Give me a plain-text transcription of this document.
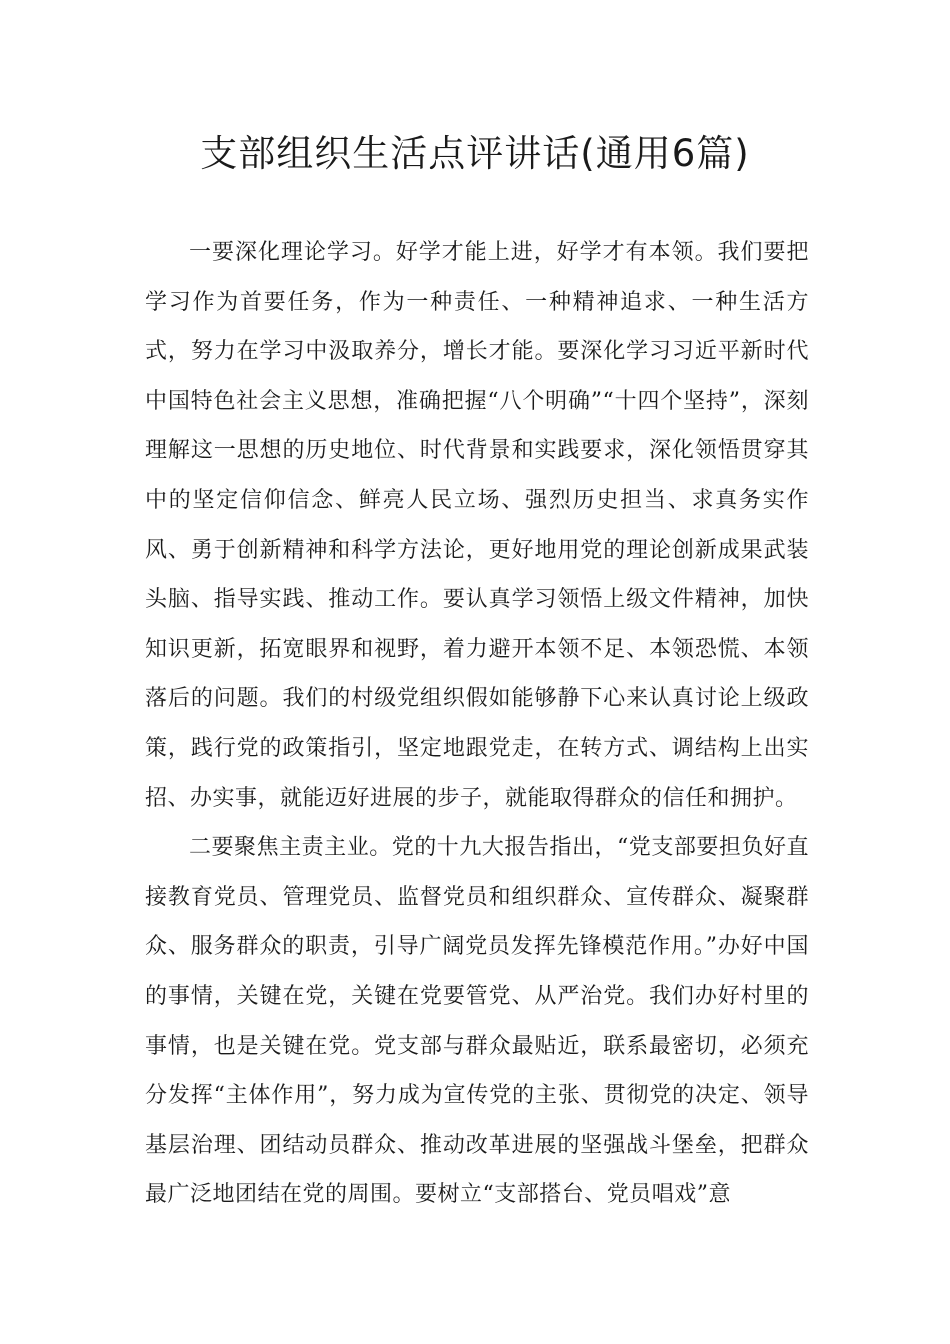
支部组织生活点评讲话(通用6篇)

一要深化理论学习。好学才能上进，好学才有本领。我们要把学习作为首要任务，作为一种责任、一种精神追求、一种生活方式，努力在学习中汲取养分，增长才能。要深化学习习近平新时代中国特色社会主义思想，准确把握“八个明确”“十四个坚持”，深刻理解这一思想的历史地位、时代背景和实践要求，深化领悟贯穿其中的坚定信仰信念、鲜亮人民立场、强烈历史担当、求真务实作风、勇于创新精神和科学方法论，更好地用党的理论创新成果武装头脑、指导实践、推动工作。要认真学习领悟上级文件精神，加快知识更新，拓宽眼界和视野，着力避开本领不足、本领恐慌、本领落后的问题。我们的村级党组织假如能够静下心来认真讨论上级政策，践行党的政策指引，坚定地跟党走，在转方式、调结构上出实招、办实事，就能迈好进展的步子，就能取得群众的信任和拥护。

二要聚焦主责主业。党的十九大报告指出，“党支部要担负好直接教育党员、管理党员、监督党员和组织群众、宣传群众、凝聚群众、服务群众的职责，引导广阔党员发挥先锋模范作用。”办好中国的事情，关键在党，关键在党要管党、从严治党。我们办好村里的事情，也是关键在党。党支部与群众最贴近，联系最密切，必须充分发挥“主体作用”，努力成为宣传党的主张、贯彻党的决定、领导基层治理、团结动员群众、推动改革进展的坚强战斗堡垒，把群众最广泛地团结在党的周围。要树立“支部搭台、党员唱戏”意
